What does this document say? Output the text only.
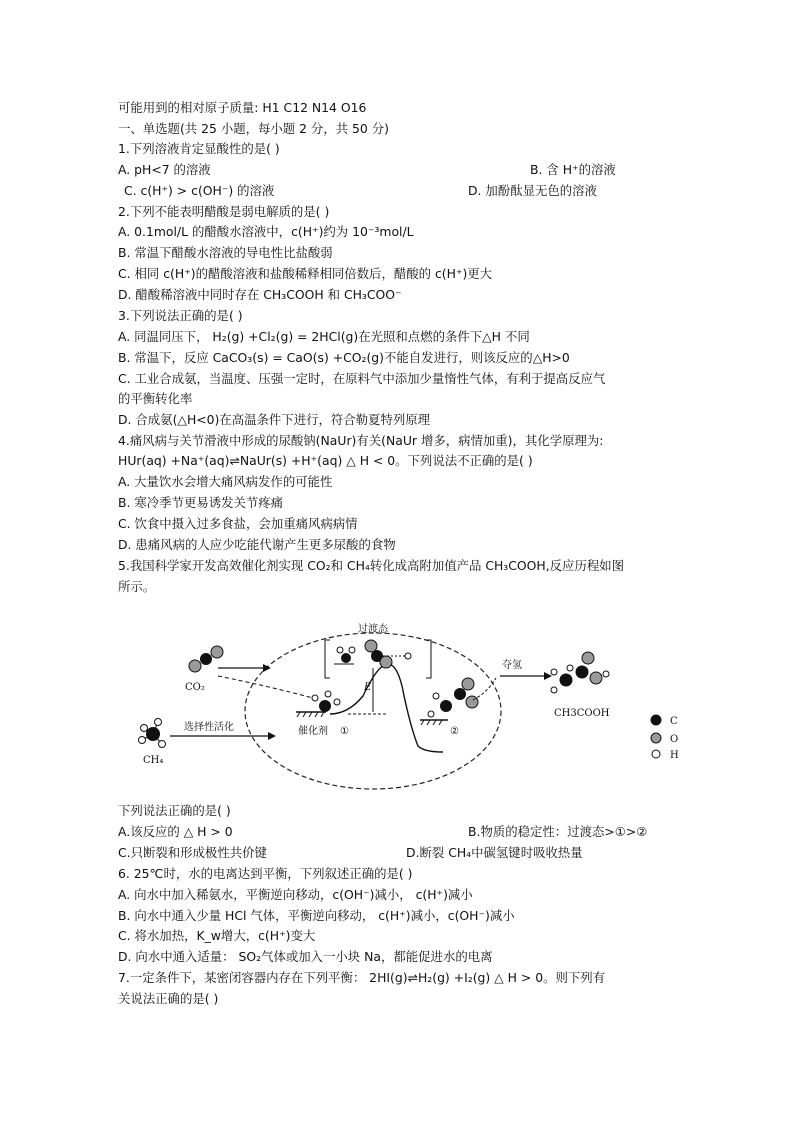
可能用到的相对原子质量: H1 C12 N14 O16
一、单选题(共 25 小题，每小题 2 分，共 50 分)
1.下列溶液肯定显酸性的是( )
A. pH<7 的溶液	B. 含 H⁺的溶液
C. c(H⁺) > c(OH⁻) 的溶液	D. 加酚酞显无色的溶液
2.下列不能表明醋酸是弱电解质的是( )
A. 0.1mol/L 的醋酸水溶液中，c(H⁺)约为 10⁻³mol/L
B. 常温下醋酸水溶液的导电性比盐酸弱
C. 相同 c(H⁺)的醋酸溶液和盐酸稀释相同倍数后，醋酸的 c(H⁺)更大
D. 醋酸稀溶液中同时存在 CH₃COOH 和 CH₃COO⁻
3.下列说法正确的是( )
A. 同温同压下， H₂(g) +Cl₂(g) = 2HCl(g)在光照和点燃的条件下△H 不同
B. 常温下，反应 CaCO₃(s) = CaO(s) +CO₂(g)不能自发进行，则该反应的△H>0
C. 工业合成氨，当温度、压强一定时，在原料气中添加少量惰性气体，有利于提高反应气
的平衡转化率
D. 合成氨(△H<0)在高温条件下进行，符合勒夏特列原理
4.痛风病与关节滑液中形成的尿酸钠(NaUr)有关(NaUr 增多，病情加重)，其化学原理为:
HUr(aq) +Na⁺(aq)⇌NaUr(s) +H⁺(aq) △ H < 0。下列说法不正确的是( )
A. 大量饮水会增大痛风病发作的可能性
B. 寒冷季节更易诱发关节疼痛
C. 饮食中摄入过多食盐，会加重痛风病病情
D. 患痛风病的人应少吃能代谢产生更多尿酸的食物
5.我国科学家开发高效催化剂实现 CO₂和 CH₄转化成高附加值产品 CH₃COOH,反应历程如图
所示。
CO₂
CH₄
选择性活化	催化剂 ①
E
过渡态
②
夺氢
CH3COOH
C
O
H
下列说法正确的是( )
A.该反应的 △ H > 0	B.物质的稳定性：过渡态>①>②
C.只断裂和形成极性共价键	D.断裂 CH₄中碳氢键时吸收热量
6. 25℃时，水的电离达到平衡，下列叙述正确的是( )
A. 向水中加入稀氨水，平衡逆向移动，c(OH⁻)减小， c(H⁺)减小
B. 向水中通入少量 HCl 气体，平衡逆向移动， c(H⁺)减小，c(OH⁻)减小
C. 将水加热，K_w增大，c(H⁺)变大
D. 向水中通入适量： SO₂气体或加入一小块 Na，都能促进水的电离
7.一定条件下，某密闭容器内存在下列平衡： 2HI(g)⇌H₂(g) +I₂(g) △ H > 0。则下列有
关说法正确的是( )
